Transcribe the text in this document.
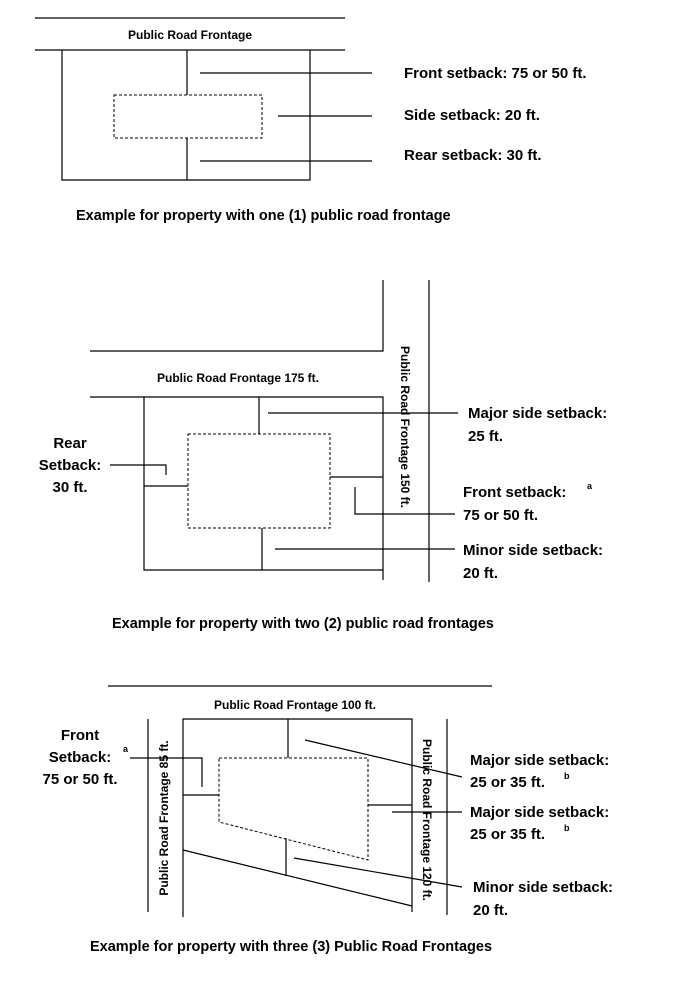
Public Road Frontage
Front setback: 75 or 50 ft.
Side setback: 20 ft.
Rear setback: 30 ft.
Example for property with one (1) public road frontage
Public Road Frontage 175 ft.	Public Road Frontage 150 ft.
Rear
Setback:
30 ft.
Major side setback:
25 ft.
Front setback: a
75 or 50 ft.
Minor side setback:
20 ft.
Example for property with two (2) public road frontages
Public Road Frontage 100 ft.
Public Road Frontage 85 ft.	Public Road Frontage 120 ft.
Front
Setback: a
75 or 50 ft.
Major side setback:
25 or 35 ft. b
Major side setback:
25 or 35 ft. b
Minor side setback:
20 ft.
Example for property with three (3) Public Road Frontages
